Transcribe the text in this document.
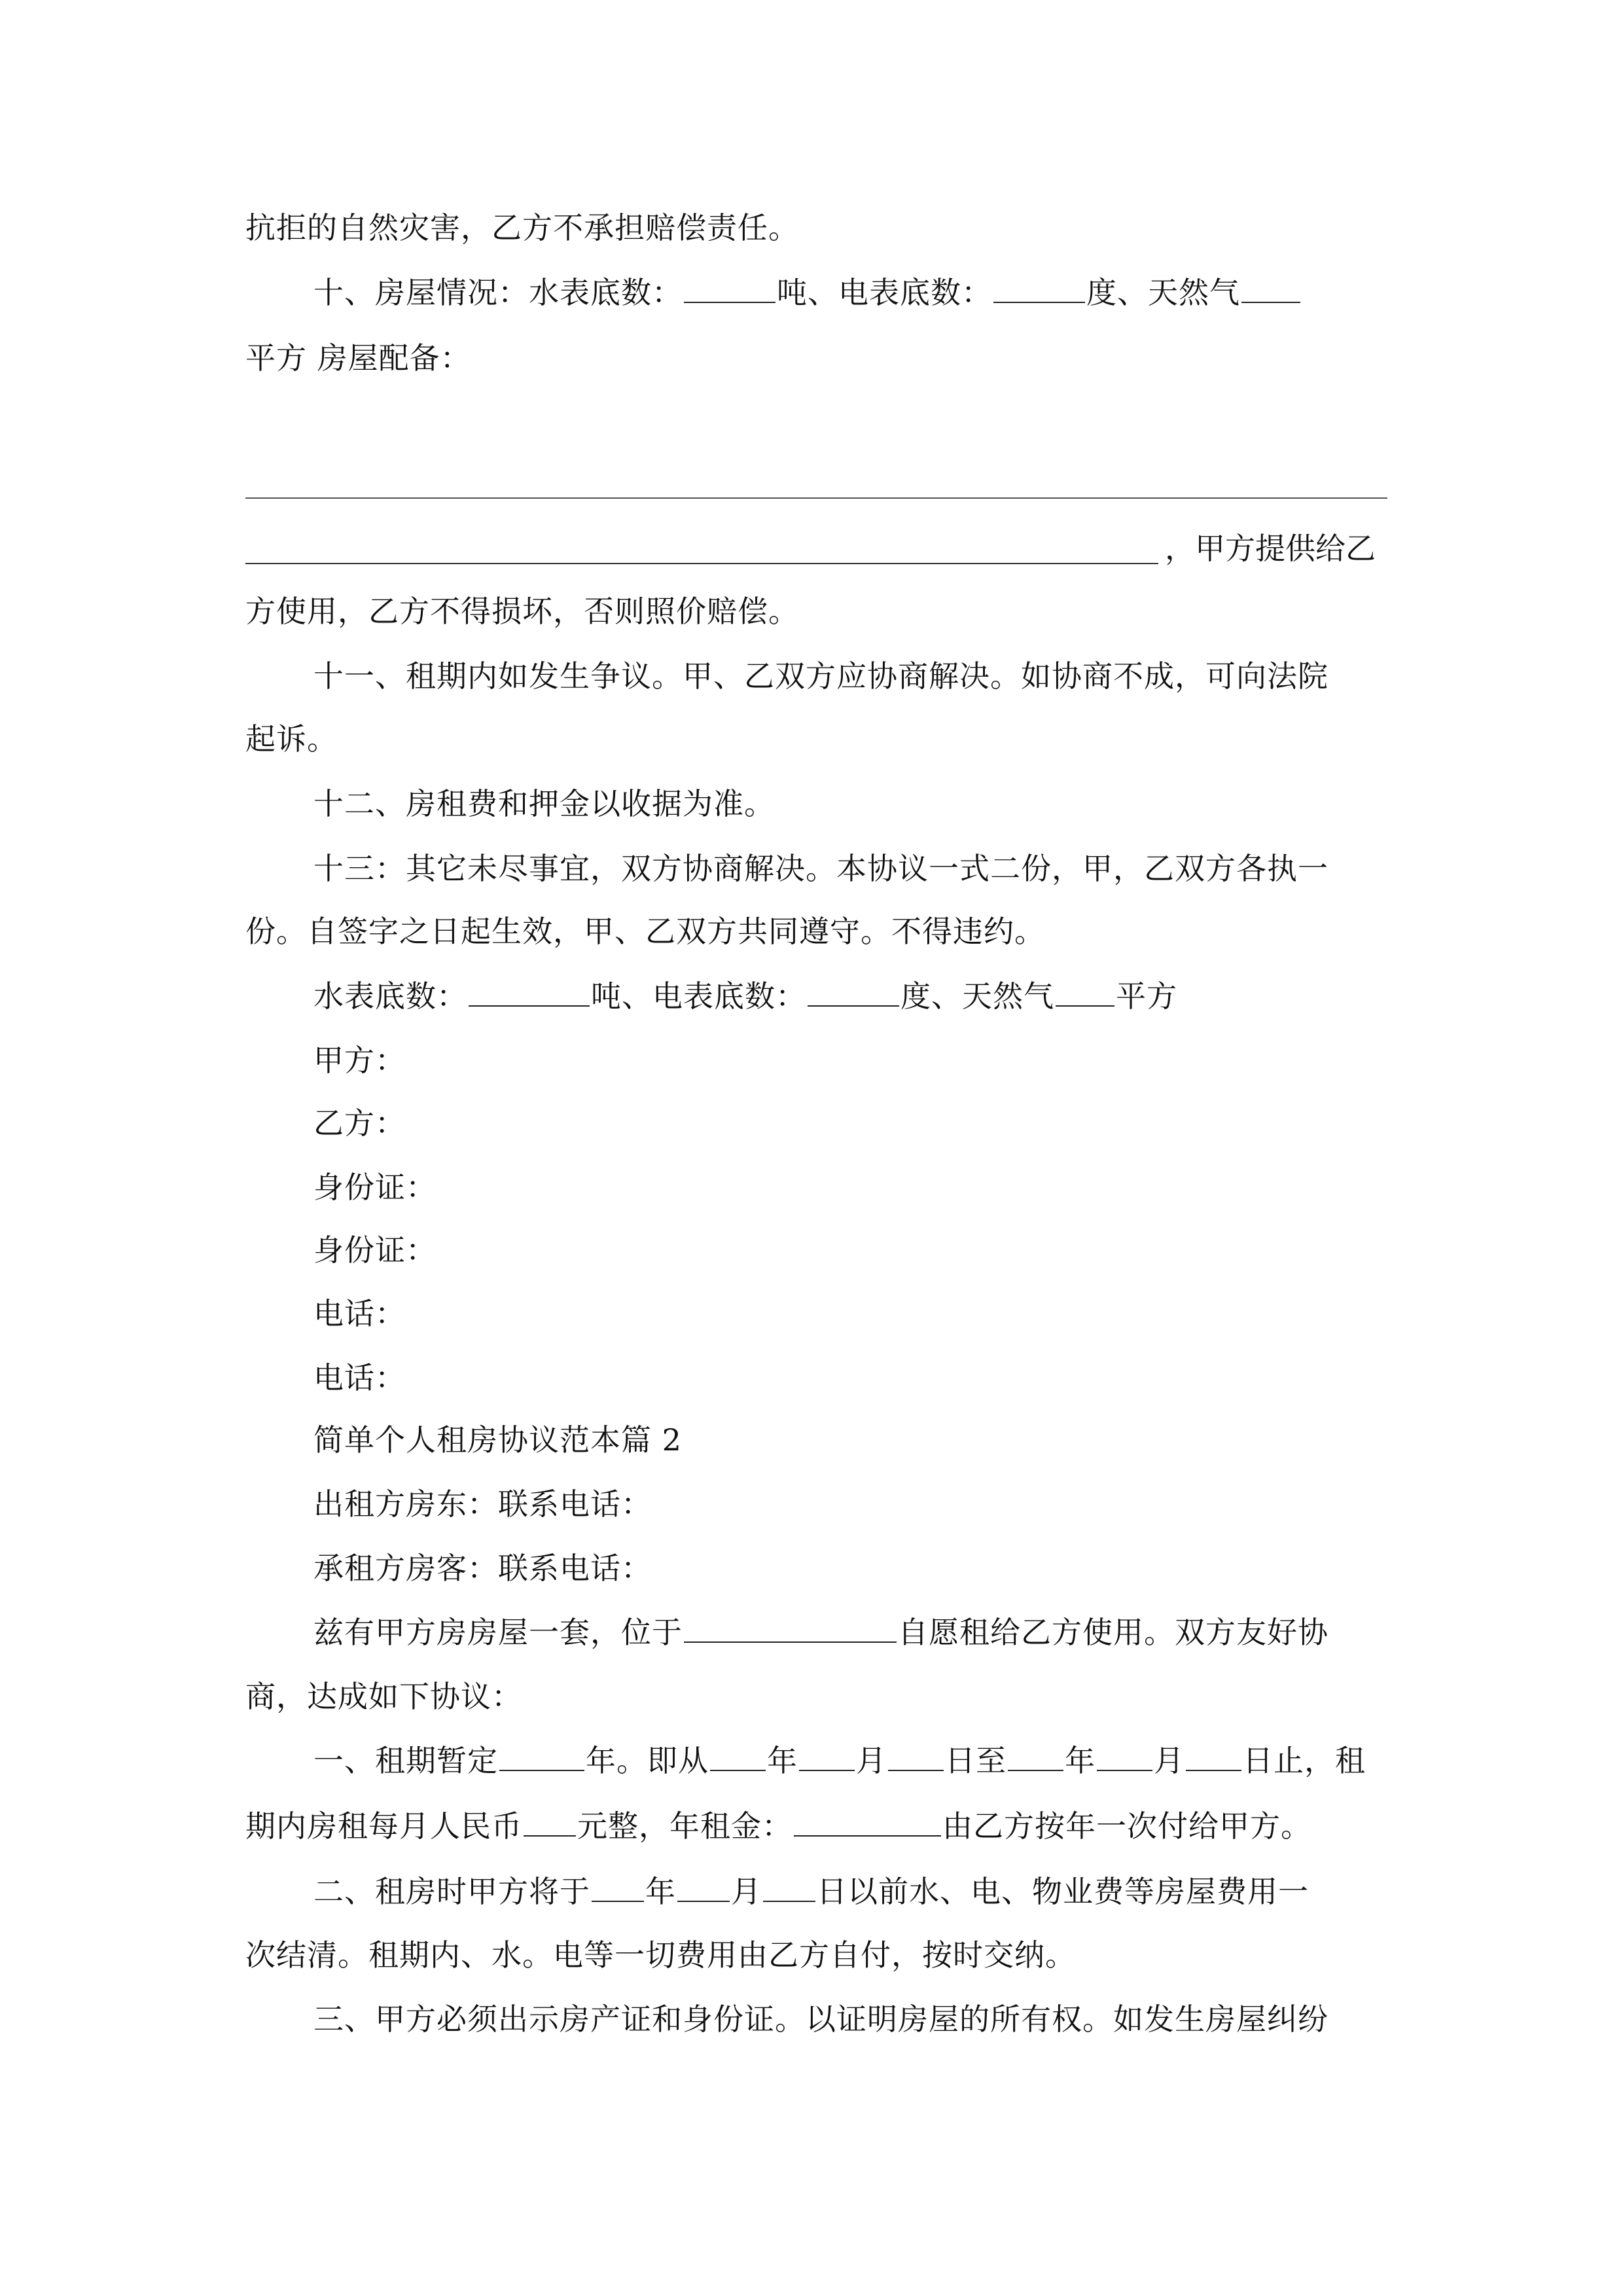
抗拒的自然灾害，乙方不承担赔偿责任。
十、房屋情况：水表底数：	吨、电表底数：	度、天然气
平方 房屋配备：
，甲方提供给乙
方使用，乙方不得损坏，否则照价赔偿。
十一、租期内如发生争议。甲、乙双方应协商解决。如协商不成，可向法院
起诉。
十二、房租费和押金以收据为准。
十三：其它未尽事宜，双方协商解决。本协议一式二份，甲，乙双方各执一
份。自签字之日起生效，甲、乙双方共同遵守。不得违约。
水表底数：	吨、电表底数：	度、天然气 平方
甲方：
乙方：
身份证：
身份证：
电话：
电话：
简单个人租房协议范本篇 2
出租方房东：联系电话：
承租方房客：联系电话：
兹有甲方房房屋一套，位于	自愿租给乙方使用。双方友好协
商，达成如下协议：
一、租期暂定	年。即从 年 月 日至 年 月 日止，租
期内房租每月人民币 元整，年租金：	由乙方按年一次付给甲方。
二、租房时甲方将于 年 月 日以前水、电、物业费等房屋费用一
次结清。租期内、水。电等一切费用由乙方自付，按时交纳。
三、甲方必须出示房产证和身份证。以证明房屋的所有权。如发生房屋纠纷
